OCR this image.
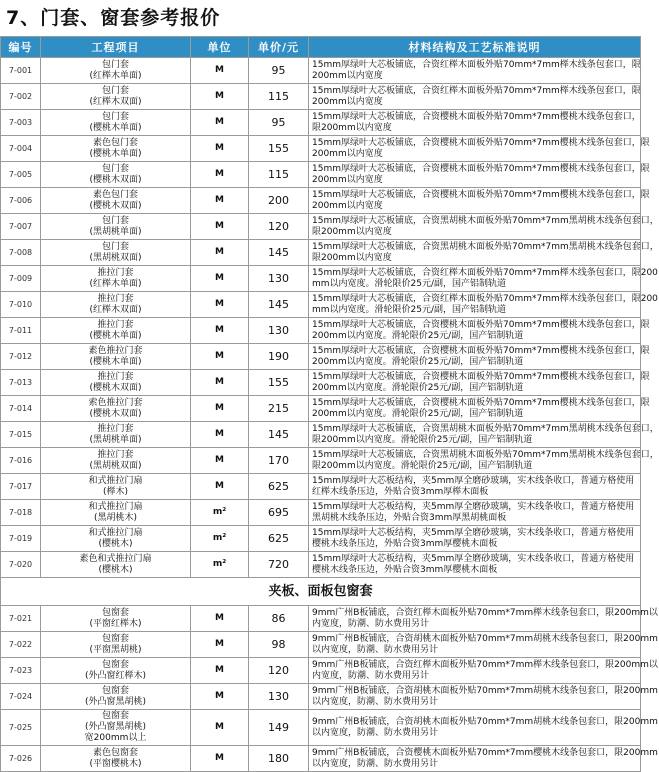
7、门套、窗套参考报价
编号	工程项目	单位	单价/元	材料结构及工艺标准说明
7-001	包门套
(红榉木单面)	M	95	15mm厚绿叶大芯板铺底，合资红榉木面板外贴70mm*7mm榉木线条包套口，限
200mm以内宽度

7-002	包门套
(红榉木双面)	M	115	15mm厚绿叶大芯板铺底，合资红榉木面板外贴70mm*7mm榉木线条包套口，限
200mm以内宽度

7-003	包门套
(樱桃木单面)	M	95	15mm厚绿叶大芯板铺底，合资樱桃木面板外贴70mm*7mm樱桃木线条包套口，
限200mm以内宽度

7-004	素色包门套
(樱桃木单面)	M	155	15mm厚绿叶大芯板铺底，合资樱桃木面板外贴70mm*7mm樱桃木线条包套口，限
200mm以内宽度

7-005	包门套
(樱桃木双面)	M	115	15mm厚绿叶大芯板铺底，合资樱桃木面板外贴70mm*7mm樱桃木线条包套口，限
200mm以内宽度

7-006	素色包门套
(樱桃木双面)	M	200	15mm厚绿叶大芯板铺底，合资樱桃木面板外贴70mm*7mm樱桃木线条包套口，限
200mm以内宽度

7-007	包门套
(黑胡桃单面)	M	120	15mm厚绿叶大芯板铺底，合资黑胡桃木面板外贴70mm*7mm黑胡桃木线条包套口，
限200mm以内宽度

7-008	包门套
(黑胡桃双面)	M	145	15mm厚绿叶大芯板铺底，合资黑胡桃木面板外贴70mm*7mm黑胡桃木线条包套口，
限200mm以内宽度

7-009	推拉门套
(红榉木单面)	M	130	15mm厚绿叶大芯板铺底，合资红榉木面板外贴70mm*7mm榉木线条包套口，限200
mm以内宽度。滑轮限价25元/副，国产铝制轨道

7-010	推拉门套
(红榉木双面)	M	145	15mm厚绿叶大芯板铺底，合资红榉木面板外贴70mm*7mm榉木线条包套口，限200
mm以内宽度。滑轮限价25元/副，国产铝制轨道

7-011	推拉门套
(樱桃木单面)	M	130	15mm厚绿叶大芯板铺底，合资樱桃木面板外贴70mm*7mm樱桃木线条包套口，限
200mm以内宽度。滑轮限价25元/副，国产铝制轨道

7-012	素色推拉门套
(樱桃木单面)	M	190	15mm厚绿叶大芯板铺底，合资樱桃木面板外贴70mm*7mm樱桃木线条包套口，限
200mm以内宽度。滑轮限价25元/副，国产铝制轨道

7-013	推拉门套
(樱桃木双面)	M	155	15mm厚绿叶大芯板铺底，合资樱桃木面板外贴70mm*7mm樱桃木线条包套口，限
200mm以内宽度。滑轮限价25元/副，国产铝制轨道

7-014	索色推拉门套
(樱桃木双面)	M	215	15mm厚绿叶大芯板铺底，合资樱桃木面板外贴70mm*7mm樱桃木线条包套口，限
200mm以内宽度。滑轮限价25元/副，国产铝制轨道

7-015	推拉门套
(黑胡桃单面)	M	145	15mm厚绿叶大芯板铺底，合资黑胡桃木面板外贴70mm*7mm黑胡桃木线条包套口，
限200mm以内宽度。滑轮限价25元/副，国产铝制轨道

7-016	推拉门套
(黑胡桃双面)	M	170	15mm厚绿叶大芯板铺底，合资黑胡桃木面板外贴70mm*7mm黑胡桃木线条包套口，
限200mm以内宽度。滑轮限价25元/副，国产铝制轨道

7-017	和式推拉门扇
(榉木)	M	625	15mm厚绿叶大芯板结构，夹5mm厚全磨砂玻璃，实木线条收口，普通方格使用
红榉木线条压边，外贴合资3mm厚榉木面板

7-018	和式推拉门扇
(黑胡桃木)	m²	695	15mm厚绿叶大芯板结构，夹5mm厚全磨砂玻璃，实木线条收口，普通方格使用
黑胡桃木线条压边，外贴合资3mm厚黑胡桃面板

7-019	和式推拉门扇
(樱桃木)	m²	625	15mm厚绿叶大芯板结构，夹5mm厚全磨砂玻璃，实木线条收口，普通方格使用
樱桃木线条压边，外贴合资3mm厚樱桃木面板

7-020	素色和式推拉门扇
(樱桃木)	m²	720	15mm厚绿叶大芯板结构，夹5mm厚全磨砂玻璃，实木线条收口，普通方格使用
樱桃木线条压边，外贴合资3mm厚樱桃木面板

夹板、面板包窗套				
7-021	包窗套
(平窗红榉木)	M	86	9mm广州B板铺底，合资红榉木面板外贴70mm*7mm榉木线条包套口，限200mm以
内宽度，防潮、防水费用另计

7-022	包窗套
(平窗黑胡桃)	M	98	9mm广州B板铺底，合资胡桃木面板外贴70mm*7mm胡桃木线条包套口，限200mm
以内宽度，防潮、防水费用另计

7-023	包窗套
(外凸窗红榉木)	M	120	9mm广州B板铺底，合资红榉木面板外贴70mm*7mm榉木线条包套口，限200mm以
内宽度，防潮、防水费用另计

7-024	包窗套
(外凸窗黑胡桃)	M	130	9mm广州B板铺底，合资胡桃木面板外贴70mm*7mm胡桃木线条包套口，限200mm
以内宽度，防潮、防水费用另计

7-025	包窗套
(外凸窗黑胡桃)
宽200mm以上	M	149	9mm广州B板铺底，合资胡桃木面板外贴70mm*7mm胡桃木线条包套口，限200mm
以内宽度，防潮、防水费用另计

7-026	素色包窗套
(平窗樱桃木)	M	180	9mm广州B板铺底，合资樱桃木面板外贴70mm*7mm樱桃木线条包套口，限200mm
以内宽度，防潮、防水费用另计
